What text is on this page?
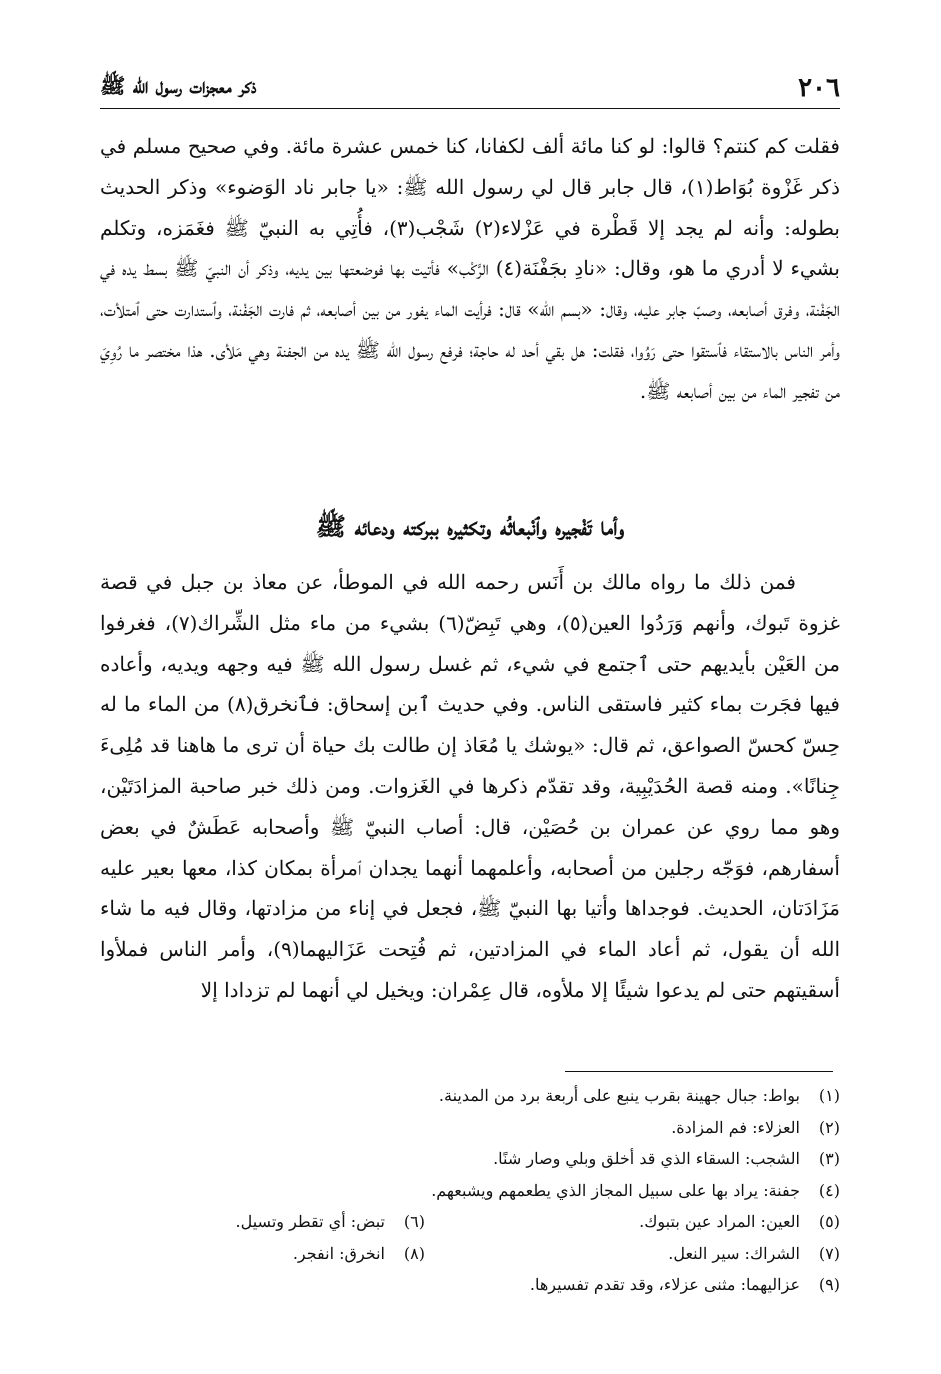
٢٠٦
ذكر معجزات رسول الله ﷺ

فقلت كم كنتم؟ قالوا: لو كنا مائة ألف لكفانا، كنا خمس عشرة مائة. وفي صحيح مسلم في ذكر غَزْوة بُوَاط(١)، قال جابر قال لي رسول الله ﷺ: «يا جابر ناد الوَضوء» وذكر الحديث بطوله: وأنه لم يجد إلا قَطْرة في عَزْلاء(٢) شَجْب(٣)، فأُتِي به النبيّ ﷺ فغَمَزه، وتكلم بشيء لا أدري ما هو، وقال: «نادِ بجَفْنَة(٤) الرَّكْب» فأتيت بها فوضعتها بين يديه، وذكر أن النبيّ ﷺ بسط يده في الجَفْنة، وفرق أصابعه، وصبّ جابر عليه، وقال: «بسم الله» قال: فرأيت الماء يفور من بين أصابعه، ثم فارت الجَفْنة، وٱستدارت حتى ٱمتلأت، وأمر الناس بالاستقاء فٱستقوا حتى رَوُوا، فقلت: هل بقي أحد له حاجة؛ فرفع رسول الله ﷺ يده من الجفنة وهي مَلأى. هذا مختصر ما رُوِيَ من تفجير الماء من بين أصابعه ﷺ.

وأما تَفْجيره وٱنْبعاثُه وتكثيره ببركته ودعائه ﷺ

فمن ذلك ما رواه مالك بن أَنَس رحمه الله في الموطأ، عن معاذ بن جبل في قصة غزوة تَبوك، وأنهم وَرَدُوا العين(٥)، وهي تَبِضّ(٦) بشيء من ماء مثل الشِّراك(٧)، فغرفوا من العَيْن بأيديهم حتى ٱجتمع في شيء، ثم غسل رسول الله ﷺ فيه وجهه ويديه، وأعاده فيها فجَرت بماء كثير فاستقى الناس. وفي حديث ٱبن إسحاق: فٱنخرق(٨) من الماء ما له حِسّ كحسّ الصواعق، ثم قال: «يوشك يا مُعَاذ إن طالت بك حياة أن ترى ما هاهنا قد مُلِىءَ جِنانًا». ومنه قصة الحُدَيْبِية، وقد تقدّم ذكرها في الغَزوات. ومن ذلك خبر صاحبة المزادَتَيْن، وهو مما روي عن عمران بن حُصَيْن، قال: أصاب النبيّ ﷺ وأصحابه عَطَشٌ في بعض أسفارهم، فوَجّه رجلين من أصحابه، وأعلمهما أنهما يجدان ٱمرأة بمكان كذا، معها بعير عليه مَزَادَتان، الحديث. فوجداها وأتيا بها النبيّ ﷺ، فجعل في إناء من مزادتها، وقال فيه ما شاء الله أن يقول، ثم أعاد الماء في المزادتين، ثم فُتِحت عَزَاليهما(٩)، وأمر الناس فملأوا أسقيتهم حتى لم يدعوا شيئًا إلا ملأوه، قال عِمْران: ويخيل لي أنهما لم تزدادا إلا

(١)
بواط: جبال جهينة بقرب ينبع على أربعة برد من المدينة.
(٢)
العزلاء: فم المزادة.
(٣)
الشجب: السقاء الذي قد أخلق وبلي وصار شنًا.
(٤)
جفنة: يراد بها على سبيل المجاز الذي يطعمهم ويشبعهم.
(٥)
العين: المراد عين بتبوك.
(٦)
تبض: أي تقطر وتسيل.
(٧)
الشراك: سير النعل.
(٨)
انخرق: انفجر.
(٩)
عزاليهما: مثنى عزلاء، وقد تقدم تفسيرها.
